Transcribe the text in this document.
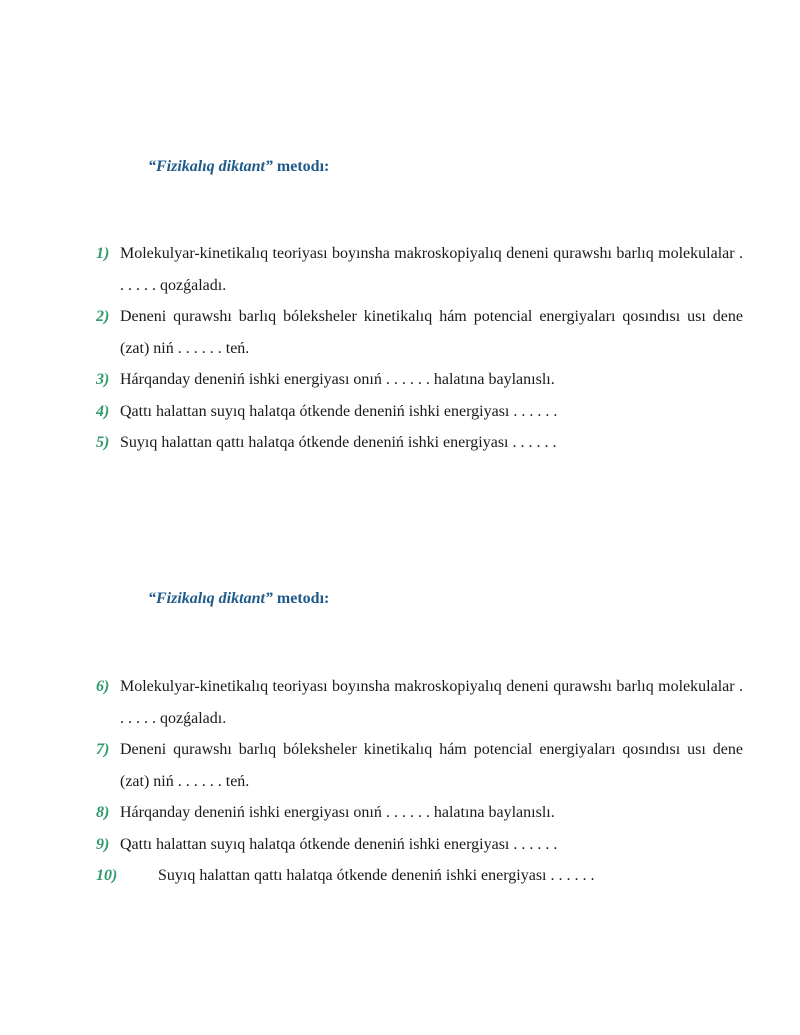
“Fizikalıq diktant” metodı:
1) Molekulyar-kinetikalıq teoriyası boyınsha makroskopiyalıq deneni qurawshı barlıq molekulalar . . . . . . qozǵaladı.
2) Deneni qurawshı barlıq bóleksheler kinetikalıq hám potencial energiyaları qosındısı usı dene (zat) niń . . . . . . teń.
3) Hárqanday deneniń ishki energiyası onıń . . . . . . halatına baylanıslı.
4) Qattı halattan suyıq halatqa ótkende deneniń ishki energiyası . . . . . .
5) Suyıq halattan qattı halatqa ótkende deneniń ishki energiyası . . . . . .
“Fizikalıq diktant” metodı:
6) Molekulyar-kinetikalıq teoriyası boyınsha makroskopiyalıq deneni qurawshı barlıq molekulalar . . . . . . qozǵaladı.
7) Deneni qurawshı barlıq bóleksheler kinetikalıq hám potencial energiyaları qosındısı usı dene (zat) niń . . . . . . teń.
8) Hárqanday deneniń ishki energiyası onıń . . . . . . halatına baylanıslı.
9) Qattı halattan suyıq halatqa ótkende deneniń ishki energiyası . . . . . .
10)	Suyıq halattan qattı halatqa ótkende deneniń ishki energiyası . . . . . .
